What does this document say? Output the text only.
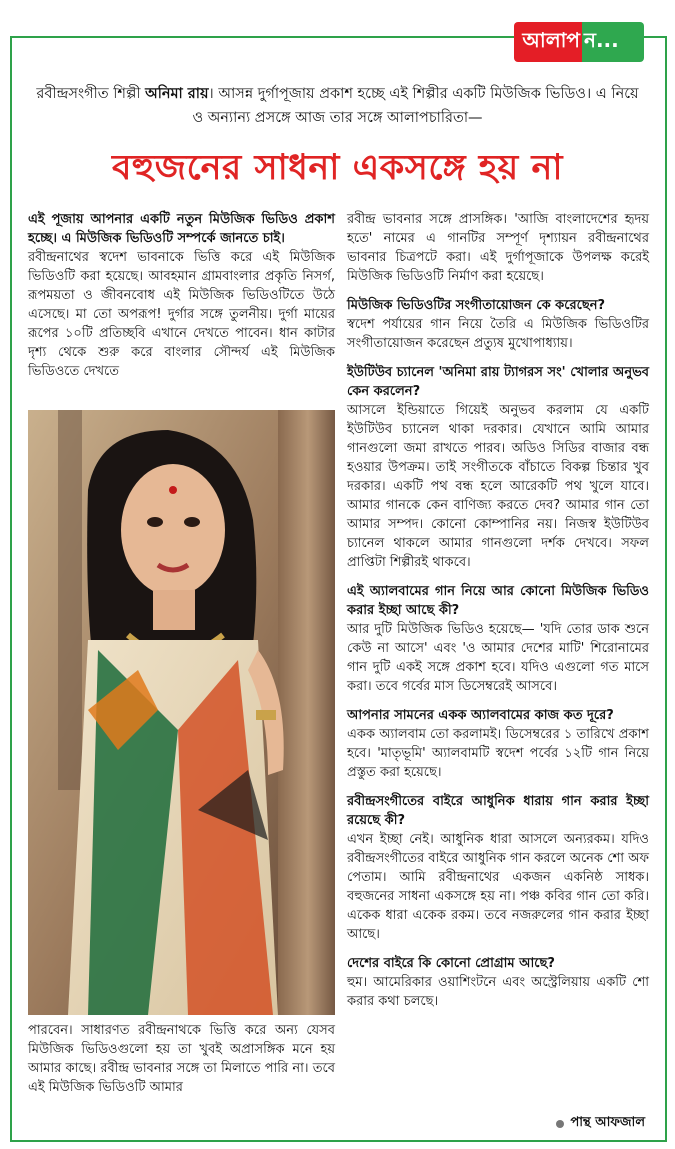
আলাপ ন...
রবীন্দ্রসংগীত শিল্পী অনিমা রায়। আসন্ন দুর্গাপূজায় প্রকাশ হচ্ছে এই শিল্পীর একটি মিউজিক ভিডিও। এ নিয়ে ও অন্যান্য প্রসঙ্গে আজ তার সঙ্গে আলাপচারিতা—
বহুজনের সাধনা একসঙ্গে হয় না

এই পূজায় আপনার একটি নতুন মিউজিক ভিডিও প্রকাশ হচ্ছে। এ মিউজিক ভিডিওটি সম্পর্কে জানতে চাই।

রবীন্দ্রনাথের স্বদেশ ভাবনাকে ভিত্তি করে এই মিউজিক ভিডিওটি করা হয়েছে। আবহমান গ্রামবাংলার প্রকৃতি নিসর্গ, রূপময়তা ও জীবনবোধ এই মিউজিক ভিডিওটিতে উঠে এসেছে। মা তো অপরূপ! দুর্গার সঙ্গে তুলনীয়। দুর্গা মায়ের রূপের ১০টি প্রতিচ্ছবি এখানে দেখতে পাবেন। ধান কাটার দৃশ্য থেকে শুরু করে বাংলার সৌন্দর্য এই মিউজিক ভিডিওতে দেখতে

পারবেন। সাধারণত রবীন্দ্রনাথকে ভিত্তি করে অন্য যেসব মিউজিক ভিডিওগুলো হয় তা খুবই অপ্রাসঙ্গিক মনে হয় আমার কাছে। রবীন্দ্র ভাবনার সঙ্গে তা মিলাতে পারি না। তবে এই মিউজিক ভিডিওটি আমার

রবীন্দ্র ভাবনার সঙ্গে প্রাসঙ্গিক। 'আজি বাংলাদেশের হৃদয় হতে' নামের এ গানটির সম্পূর্ণ দৃশ্যায়ন রবীন্দ্রনাথের ভাবনার চিত্রপটে করা। এই দুর্গাপূজাকে উপলক্ষ করেই মিউজিক ভিডিওটি নির্মাণ করা হয়েছে।

মিউজিক ভিডিওটির সংগীতায়োজন কে করেছেন?

স্বদেশ পর্যায়ের গান নিয়ে তৈরি এ মিউজিক ভিডিওটির সংগীতায়োজন করেছেন প্রত্যুষ মুখোপাধ্যায়।

ইউটিউব চ্যানেল 'অনিমা রায় ট্যাগরস সং' খোলার অনুভব কেন করলেন?

আসলে ইন্ডিয়াতে গিয়েই অনুভব করলাম যে একটি ইউটিউব চ্যানেল থাকা দরকার। যেখানে আমি আমার গানগুলো জমা রাখতে পারব। অডিও সিডির বাজার বন্ধ হওয়ার উপক্রম। তাই সংগীতকে বাঁচাতে বিকল্প চিন্তার খুব দরকার। একটি পথ বন্ধ হলে আরেকটি পথ খুলে যাবে। আমার গানকে কেন বাণিজ্য করতে দেব? আমার গান তো আমার সম্পদ। কোনো কোম্পানির নয়। নিজস্ব ইউটিউব চ্যানেল থাকলে আমার গানগুলো দর্শক দেখবে। সফল প্রাপ্তিটা শিল্পীরই থাকবে।

এই অ্যালবামের গান নিয়ে আর কোনো মিউজিক ভিডিও করার ইচ্ছা আছে কী?

আর দুটি মিউজিক ভিডিও হয়েছে— 'যদি তোর ডাক শুনে কেউ না আসে' এবং 'ও আমার দেশের মাটি' শিরোনামের গান দুটি একই সঙ্গে প্রকাশ হবে। যদিও এগুলো গত মাসে করা। তবে গর্বের মাস ডিসেম্বরেই আসবে।

আপনার সামনের একক অ্যালবামের কাজ কত দূরে?

একক অ্যালবাম তো করলামই। ডিসেম্বরের ১ তারিখে প্রকাশ হবে। 'মাতৃভূমি' অ্যালবামটি স্বদেশ পর্বের ১২টি গান নিয়ে প্রস্তুত করা হয়েছে।

রবীন্দ্রসংগীতের বাইরে আধুনিক ধারায় গান করার ইচ্ছা রয়েছে কী?

এখন ইচ্ছা নেই। আধুনিক ধারা আসলে অন্যরকম। যদিও রবীন্দ্রসংগীতের বাইরে আধুনিক গান করলে অনেক শো অফ পেতাম। আমি রবীন্দ্রনাথের একজন একনিষ্ঠ সাধক। বহুজনের সাধনা একসঙ্গে হয় না। পঞ্চ কবির গান তো করি। একেক ধারা একেক রকম। তবে নজরুলের গান করার ইচ্ছা আছে।

দেশের বাইরে কি কোনো প্রোগ্রাম আছে?

হুম। আমেরিকার ওয়াশিংটনে এবং অস্ট্রেলিয়ায় একটি শো করার কথা চলছে।

পান্থ আফজাল
